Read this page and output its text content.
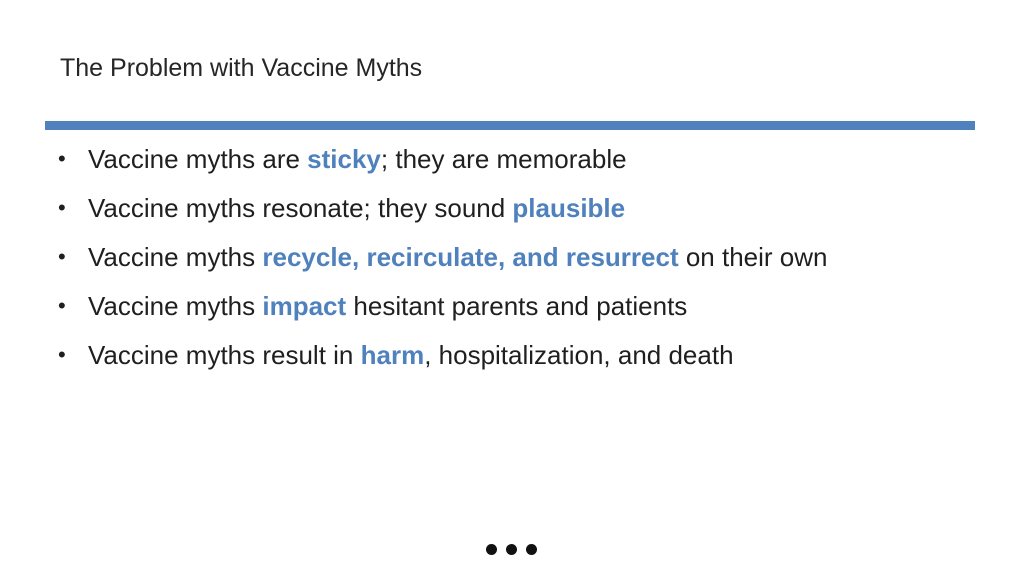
The Problem with Vaccine Myths
• Vaccine myths are sticky; they are memorable
• Vaccine myths resonate; they sound plausible
• Vaccine myths recycle, recirculate, and resurrect on their own
• Vaccine myths impact hesitant parents and patients
• Vaccine myths result in harm, hospitalization, and death
